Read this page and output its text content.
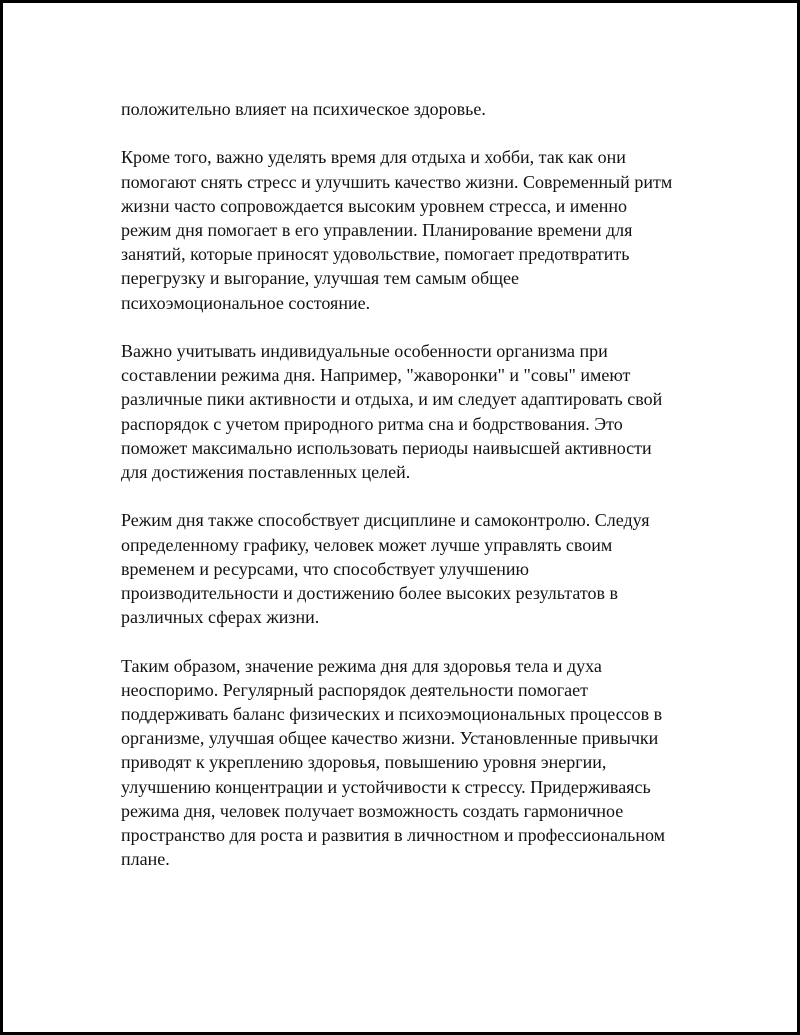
положительно влияет на психическое здоровье.
Кроме того, важно уделять время для отдыха и хобби, так как они
помогают снять стресс и улучшить качество жизни. Современный ритм
жизни часто сопровождается высоким уровнем стресса, и именно
режим дня помогает в его управлении. Планирование времени для
занятий, которые приносят удовольствие, помогает предотвратить
перегрузку и выгорание, улучшая тем самым общее
психоэмоциональное состояние.
Важно учитывать индивидуальные особенности организма при
составлении режима дня. Например, "жаворонки" и "совы" имеют
различные пики активности и отдыха, и им следует адаптировать свой
распорядок с учетом природного ритма сна и бодрствования. Это
поможет максимально использовать периоды наивысшей активности
для достижения поставленных целей.
Режим дня также способствует дисциплине и самоконтролю. Следуя
определенному графику, человек может лучше управлять своим
временем и ресурсами, что способствует улучшению
производительности и достижению более высоких результатов в
различных сферах жизни.
Таким образом, значение режима дня для здоровья тела и духа
неоспоримо. Регулярный распорядок деятельности помогает
поддерживать баланс физических и психоэмоциональных процессов в
организме, улучшая общее качество жизни. Установленные привычки
приводят к укреплению здоровья, повышению уровня энергии,
улучшению концентрации и устойчивости к стрессу. Придерживаясь
режима дня, человек получает возможность создать гармоничное
пространство для роста и развития в личностном и профессиональном
плане.
